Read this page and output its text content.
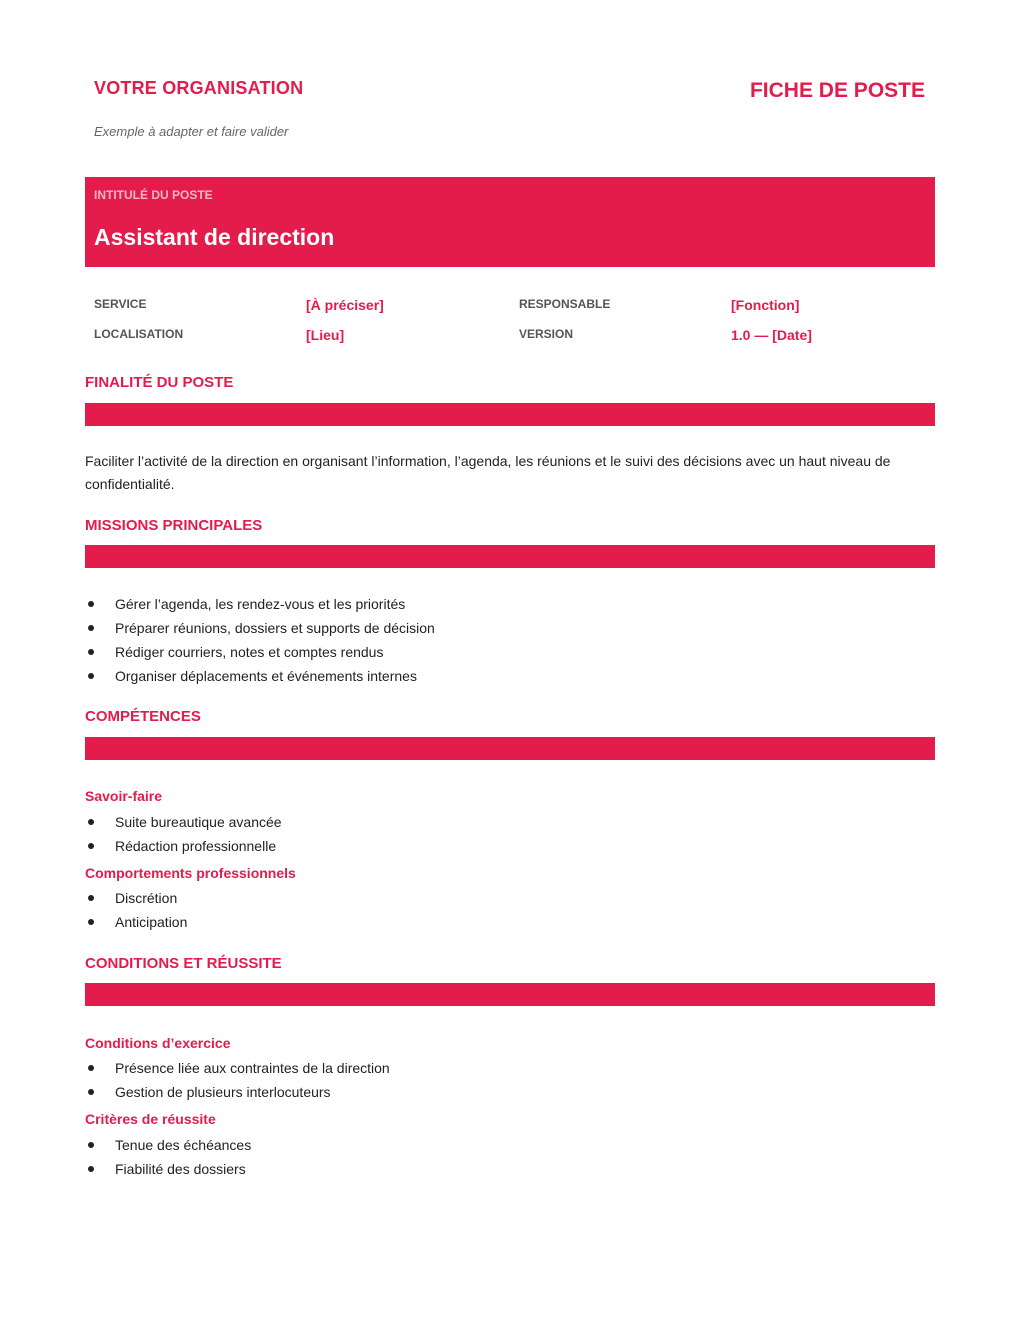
VOTRE ORGANISATION	FICHE DE POSTE
Exemple à adapter et faire valider
INTITULÉ DU POSTE
Assistant de direction
SERVICE	[À préciser]	RESPONSABLE	[Fonction]
LOCALISATION	[Lieu]	VERSION	1.0 — [Date]
FINALITÉ DU POSTE
Faciliter l’activité de la direction en organisant l’information, l’agenda, les réunions et le suivi des décisions avec un haut niveau de confidentialité.
MISSIONS PRINCIPALES
Gérer l’agenda, les rendez-vous et les priorités
Préparer réunions, dossiers et supports de décision
Rédiger courriers, notes et comptes rendus
Organiser déplacements et événements internes
COMPÉTENCES
Savoir-faire
Suite bureautique avancée
Rédaction professionnelle
Comportements professionnels
Discrétion
Anticipation
CONDITIONS ET RÉUSSITE
Conditions d’exercice
Présence liée aux contraintes de la direction
Gestion de plusieurs interlocuteurs
Critères de réussite
Tenue des échéances
Fiabilité des dossiers
